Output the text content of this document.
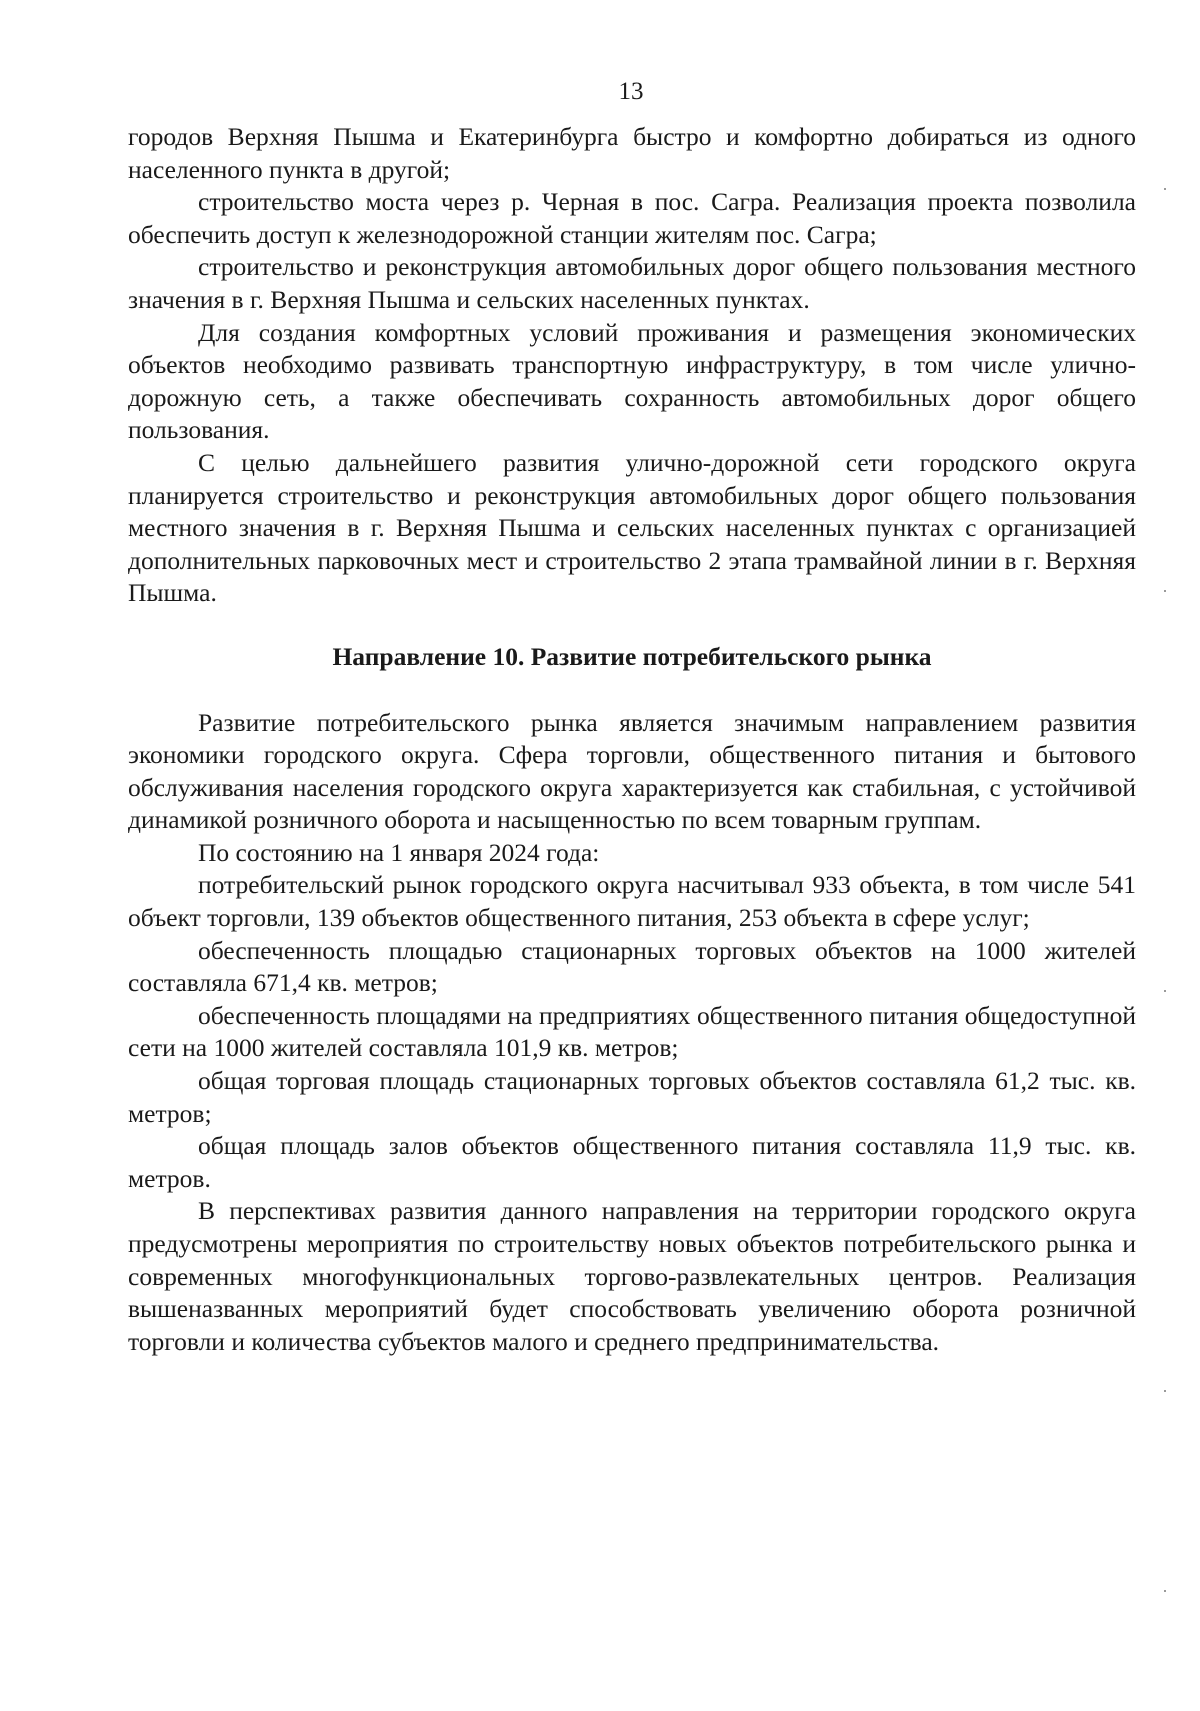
13

городов Верхняя Пышма и Екатеринбурга быстро и комфортно добираться из одного населенного пункта в другой;

строительство моста через р. Черная в пос. Сагра. Реализация проекта позволила обеспечить доступ к железнодорожной станции жителям пос. Сагра;

строительство и реконструкция автомобильных дорог общего пользования местного значения в г. Верхняя Пышма и сельских населенных пунктах.

Для создания комфортных условий проживания и размещения экономических объектов необходимо развивать транспортную инфраструктуру, в том числе улично-дорожную сеть, а также обеспечивать сохранность автомобильных дорог общего пользования.

С целью дальнейшего развития улично-дорожной сети городского округа планируется строительство и реконструкция автомобильных дорог общего пользования местного значения в г. Верхняя Пышма и сельских населенных пунктах с организацией дополнительных парковочных мест и строительство 2 этапа трамвайной линии в г. Верхняя Пышма.

Направление 10. Развитие потребительского рынка

Развитие потребительского рынка является значимым направлением развития экономики городского округа. Сфера торговли, общественного питания и бытового обслуживания населения городского округа характеризуется как стабильная, с устойчивой динамикой розничного оборота и насыщенностью по всем товарным группам.

По состоянию на 1 января 2024 года:

потребительский рынок городского округа насчитывал 933 объекта, в том числе 541 объект торговли, 139 объектов общественного питания, 253 объекта в сфере услуг;

обеспеченность площадью стационарных торговых объектов на 1000 жителей составляла 671,4 кв. метров;

обеспеченность площадями на предприятиях общественного питания общедоступной сети на 1000 жителей составляла 101,9 кв. метров;

общая торговая площадь стационарных торговых объектов составляла 61,2 тыс. кв. метров;

общая площадь залов объектов общественного питания составляла 11,9 тыс. кв. метров.

В перспективах развития данного направления на территории городского округа предусмотрены мероприятия по строительству новых объектов потребительского рынка и современных многофункциональных торгово-развлекательных центров. Реализация вышеназванных мероприятий будет способствовать увеличению оборота розничной торговли и количества субъектов малого и среднего предпринимательства.
